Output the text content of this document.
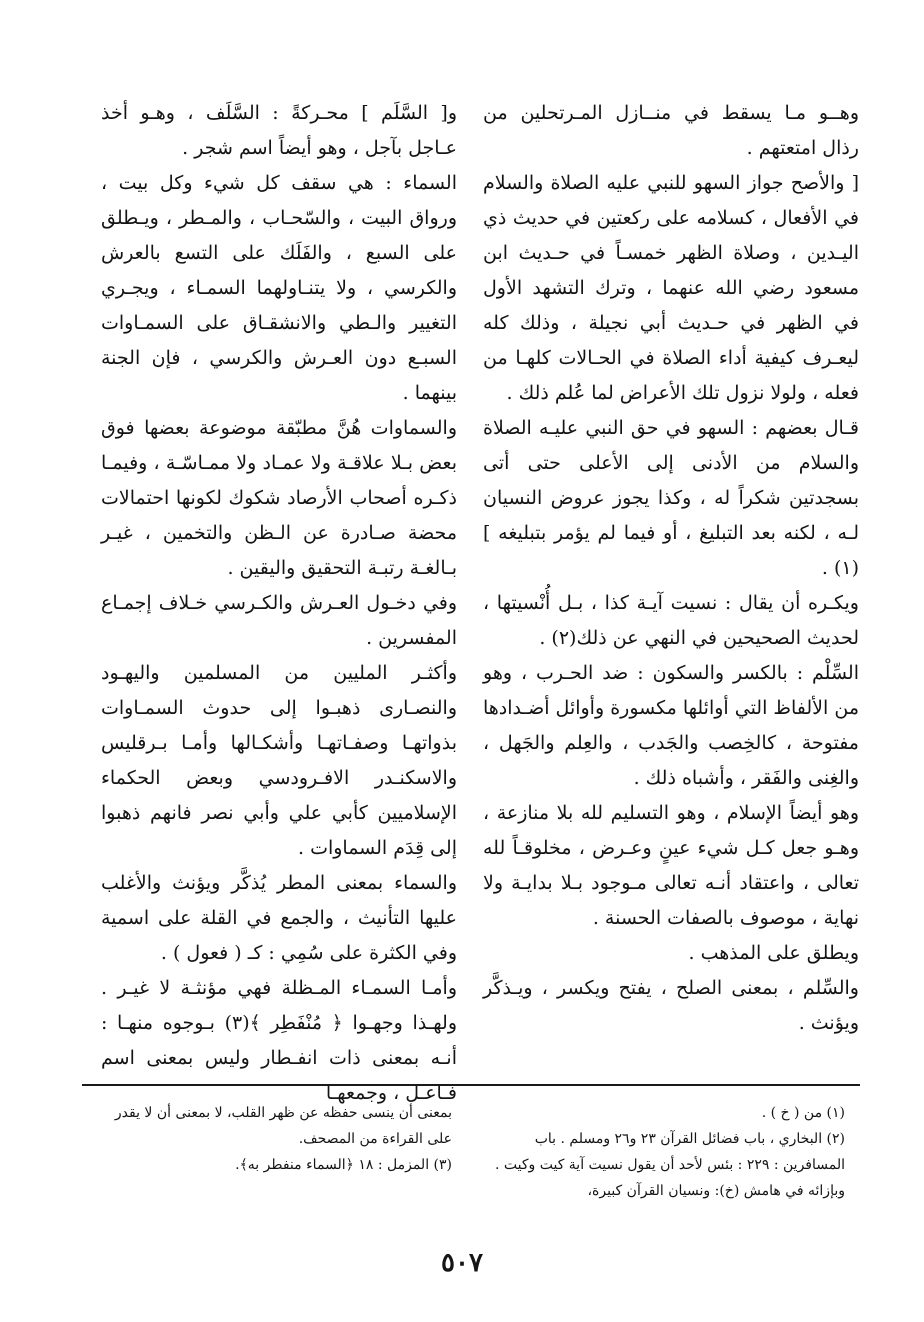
وهــو مـا يسقط في منــازل المـرتحلين من رذال امتعتهم .

[ والأصح جواز السهو للنبي عليه الصلاة والسلام في الأفعال ، كسلامه على ركعتين في حديث ذي اليـدين ، وصلاة الظهر خمسـاً في حـديث ابن مسعود رضي الله عنهما ، وترك التشهد الأول في الظهر في حـديث أبي نجيلة ، وذلك كله ليعـرف كيفية أداء الصلاة في الحـالات كلهـا من فعله ، ولولا نزول تلك الأعراض لما عُلم ذلك .

قـال بعضهم : السهو في حق النبي عليـه الصلاة والسلام من الأدنى إلى الأعلى حتى أتى بسجدتين شكراً له ، وكذا يجوز عروض النسيان لـه ، لكنه بعد التبليغ ، أو فيما لم يؤمر بتبليغه ](١) .

ويكـره أن يقال : نسيت آيـة كذا ، بـل أُنْسيتها ، لحديث الصحيحين في النهي عن ذلك(٢) .

السِّلْم : بالكسر والسكون : ضد الحـرب ، وهو من الألفاظ التي أوائلها مكسورة وأوائل أضـدادها مفتوحة ، كالخِصب والجَدب ، والعِلم والجَهل ، والغِنى والفَقر ، وأشباه ذلك .

وهو أيضاً الإسلام ، وهو التسليم لله بلا منازعة ، وهـو جعل كـل شيء عينٍ وعـرض ، مخلوقـاً لله تعالى ، واعتقاد أنـه تعالى مـوجود بـلا بدايـة ولا نهاية ، موصوف بالصفات الحسنة .

ويطلق على المذهب .

والسِّلم ، بمعنى الصلح ، يفتح ويكسر ، ويـذكَّر ويؤنث .

و[ السَّلَم ] محـركةً : السَّلَف ، وهـو أخذ عـاجل بآجل ، وهو أيضاً اسم شجر .

السماء : هي سقف كل شيء وكل بيت ، ورواق البيت ، والسّحـاب ، والمـطر ، ويـطلق على السبع ، والفَلَك على التسع بالعرش والكرسي ، ولا يتنـاولهما السمـاء ، ويجـري التغيير والـطي والانشقـاق على السمـاوات السبـع دون العـرش والكرسي ، فإن الجنة بينهما .

والسماوات هُنَّ مطبّقة موضوعة بعضها فوق بعض بـلا علاقـة ولا عمـاد ولا ممـاسّـة ، وفيمـا ذكـره أصحاب الأرصاد شكوك لكونها احتمالات محضة صـادرة عن الـظن والتخمين ، غيـر بـالغـة رتبـة التحقيق واليقين .

وفي دخـول العـرش والكـرسي خـلاف إجمـاع المفسرين .

وأكثـر المليين من المسلمين واليهـود والنصـارى ذهبـوا إلى حدوث السمـاوات بذواتهـا وصفـاتهـا وأشكـالها وأمـا بـرقليس والاسكنـدر الافـرودسي وبعض الحكماء الإسلاميين كأبي علي وأبي نصر فانهم ذهبوا إلى قِدَم السماوات .

والسماء بمعنى المطر يُذكَّر ويؤنث والأغلب عليها التأنيث ، والجمع في القلة على اسمية وفي الكثرة على سُمِي : كـ ( فعول ) .

وأمـا السمـاء المـظلة فهي مؤنثـة لا غيـر . ولهـذا وجهـوا ﴿ مُنْفَطِر ﴾(٣) بـوجوه منهـا : أنـه بمعنى ذات انفـطار وليس بمعنى اسم فـاعـل ، وجمعهـا

(١) من ( خ ) .

(٢) البخاري ، باب فضائل القرآن ٢٣ و٢٦ ومسلم . باب المسافرين : ٢٢٩ : بئس لأحد أن يقول نسيت آية كيت وكيت . وبإزائه في هامش (خ): ونسيان القرآن كبيرة،

بمعنى أن ينسى حفظه عن ظهر القلب، لا بمعنى أن لا يقدر على القراءة من المصحف.

(٣) المزمل : ١٨ ﴿السماء منفطر به﴾.

٥٠٧
